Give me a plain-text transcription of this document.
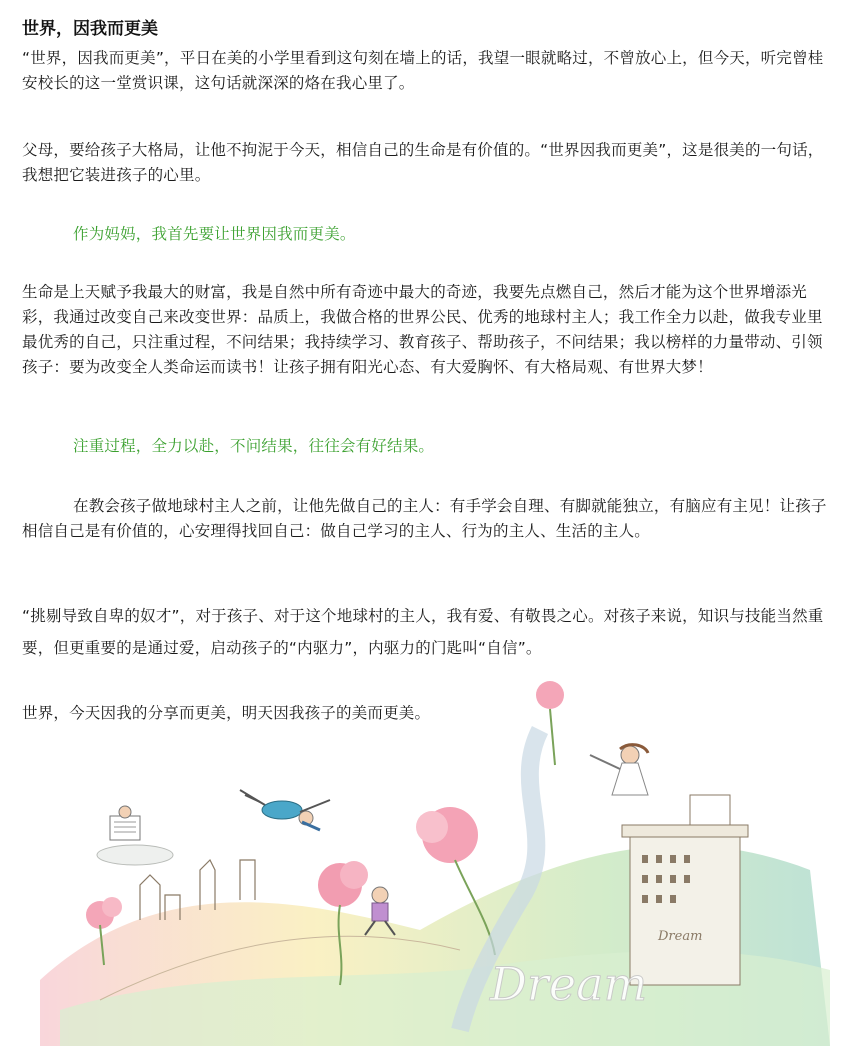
世界，因我而更美
“世界，因我而更美”，平日在美的小学里看到这句刻在墙上的话，我望一眼就略过，不曾放心上，但今天，听完曾桂安校长的这一堂赏识课，这句话就深深的烙在我心里了。
父母，要给孩子大格局，让他不拘泥于今天，相信自己的生命是有价值的。“世界因我而更美”，这是很美的一句话，我想把它装进孩子的心里。
作为妈妈，我首先要让世界因我而更美。
生命是上天赋予我最大的财富，我是自然中所有奇迹中最大的奇迹，我要先点燃自己，然后才能为这个世界增添光彩，我通过改变自己来改变世界：品质上，我做合格的世界公民、优秀的地球村主人；我工作全力以赴，做我专业里最优秀的自己，只注重过程，不问结果；我持续学习、教育孩子、帮助孩子，不问结果；我以榜样的力量带动、引领孩子：要为改变全人类命运而读书！让孩子拥有阳光心态、有大爱胸怀、有大格局观、有世界大梦！
注重过程，全力以赴，不问结果，往往会有好结果。
在教会孩子做地球村主人之前，让他先做自己的主人：有手学会自理、有脚就能独立，有脑应有主见！让孩子相信自己是有价值的，心安理得找回自己：做自己学习的主人、行为的主人、生活的主人。
“挑剔导致自卑的奴才”，对于孩子、对于这个地球村的主人，我有爱、有敬畏之心。对孩子来说，知识与技能当然重要，但更重要的是通过爱，启动孩子的“内驱力”，内驱力的门匙叫“自信”。
世界，今天因我的分享而更美，明天因我孩子的美而更美。
Dream
Dream
